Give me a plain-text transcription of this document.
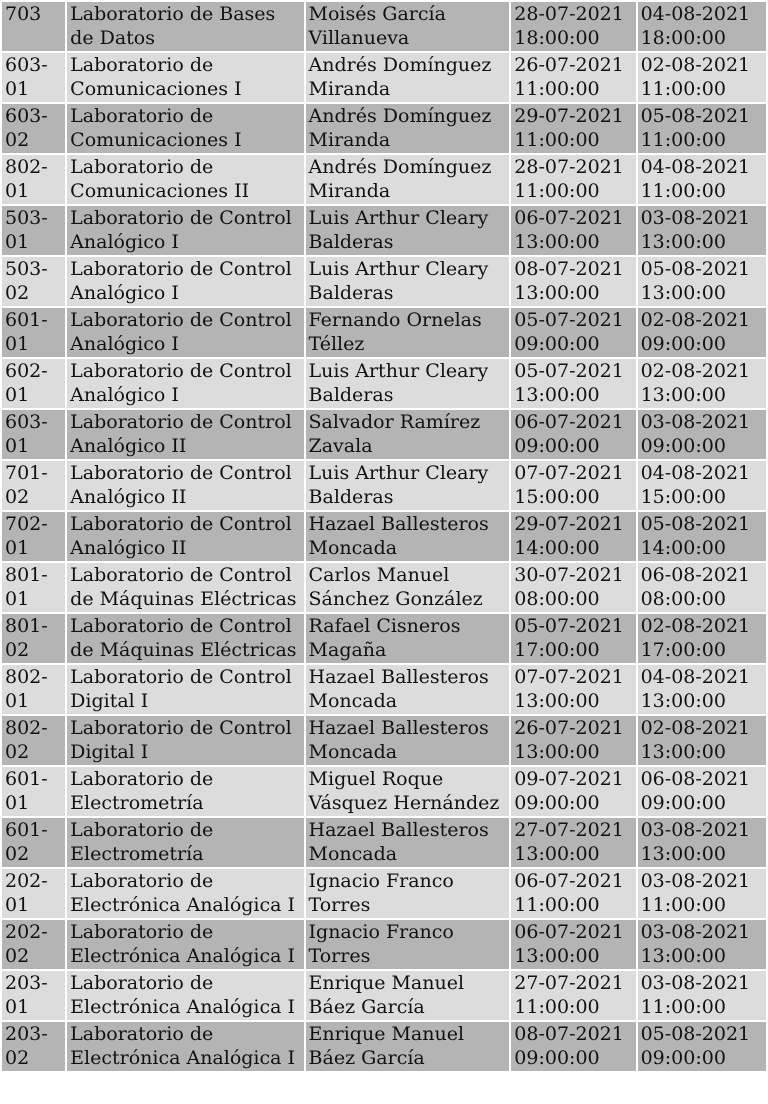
703	Laboratorio de Bases de Datos	Moisés García Villanueva	28-07-2021 18:00:00	04-08-2021 18:00:00
603-01	Laboratorio de Comunicaciones I	Andrés Domínguez Miranda	26-07-2021 11:00:00	02-08-2021 11:00:00
603-02	Laboratorio de Comunicaciones I	Andrés Domínguez Miranda	29-07-2021 11:00:00	05-08-2021 11:00:00
802-01	Laboratorio de Comunicaciones II	Andrés Domínguez Miranda	28-07-2021 11:00:00	04-08-2021 11:00:00
503-01	Laboratorio de Control Analógico I	Luis Arthur Cleary Balderas	06-07-2021 13:00:00	03-08-2021 13:00:00
503-02	Laboratorio de Control Analógico I	Luis Arthur Cleary Balderas	08-07-2021 13:00:00	05-08-2021 13:00:00
601-01	Laboratorio de Control Analógico I	Fernando Ornelas Téllez	05-07-2021 09:00:00	02-08-2021 09:00:00
602-01	Laboratorio de Control Analógico I	Luis Arthur Cleary Balderas	05-07-2021 13:00:00	02-08-2021 13:00:00
603-01	Laboratorio de Control Analógico II	Salvador Ramírez Zavala	06-07-2021 09:00:00	03-08-2021 09:00:00
701-02	Laboratorio de Control Analógico II	Luis Arthur Cleary Balderas	07-07-2021 15:00:00	04-08-2021 15:00:00
702-01	Laboratorio de Control Analógico II	Hazael Ballesteros Moncada	29-07-2021 14:00:00	05-08-2021 14:00:00
801-01	Laboratorio de Control de Máquinas Eléctricas	Carlos Manuel Sánchez González	30-07-2021 08:00:00	06-08-2021 08:00:00
801-02	Laboratorio de Control de Máquinas Eléctricas	Rafael Cisneros Magaña	05-07-2021 17:00:00	02-08-2021 17:00:00
802-01	Laboratorio de Control Digital I	Hazael Ballesteros Moncada	07-07-2021 13:00:00	04-08-2021 13:00:00
802-02	Laboratorio de Control Digital I	Hazael Ballesteros Moncada	26-07-2021 13:00:00	02-08-2021 13:00:00
601-01	Laboratorio de Electrometría	Miguel Roque Vásquez Hernández	09-07-2021 09:00:00	06-08-2021 09:00:00
601-02	Laboratorio de Electrometría	Hazael Ballesteros Moncada	27-07-2021 13:00:00	03-08-2021 13:00:00
202-01	Laboratorio de Electrónica Analógica I	Ignacio Franco Torres	06-07-2021 11:00:00	03-08-2021 11:00:00
202-02	Laboratorio de Electrónica Analógica I	Ignacio Franco Torres	06-07-2021 13:00:00	03-08-2021 13:00:00
203-01	Laboratorio de Electrónica Analógica I	Enrique Manuel Báez García	27-07-2021 11:00:00	03-08-2021 11:00:00
203-02	Laboratorio de Electrónica Analógica I	Enrique Manuel Báez García	08-07-2021 09:00:00	05-08-2021 09:00:00
